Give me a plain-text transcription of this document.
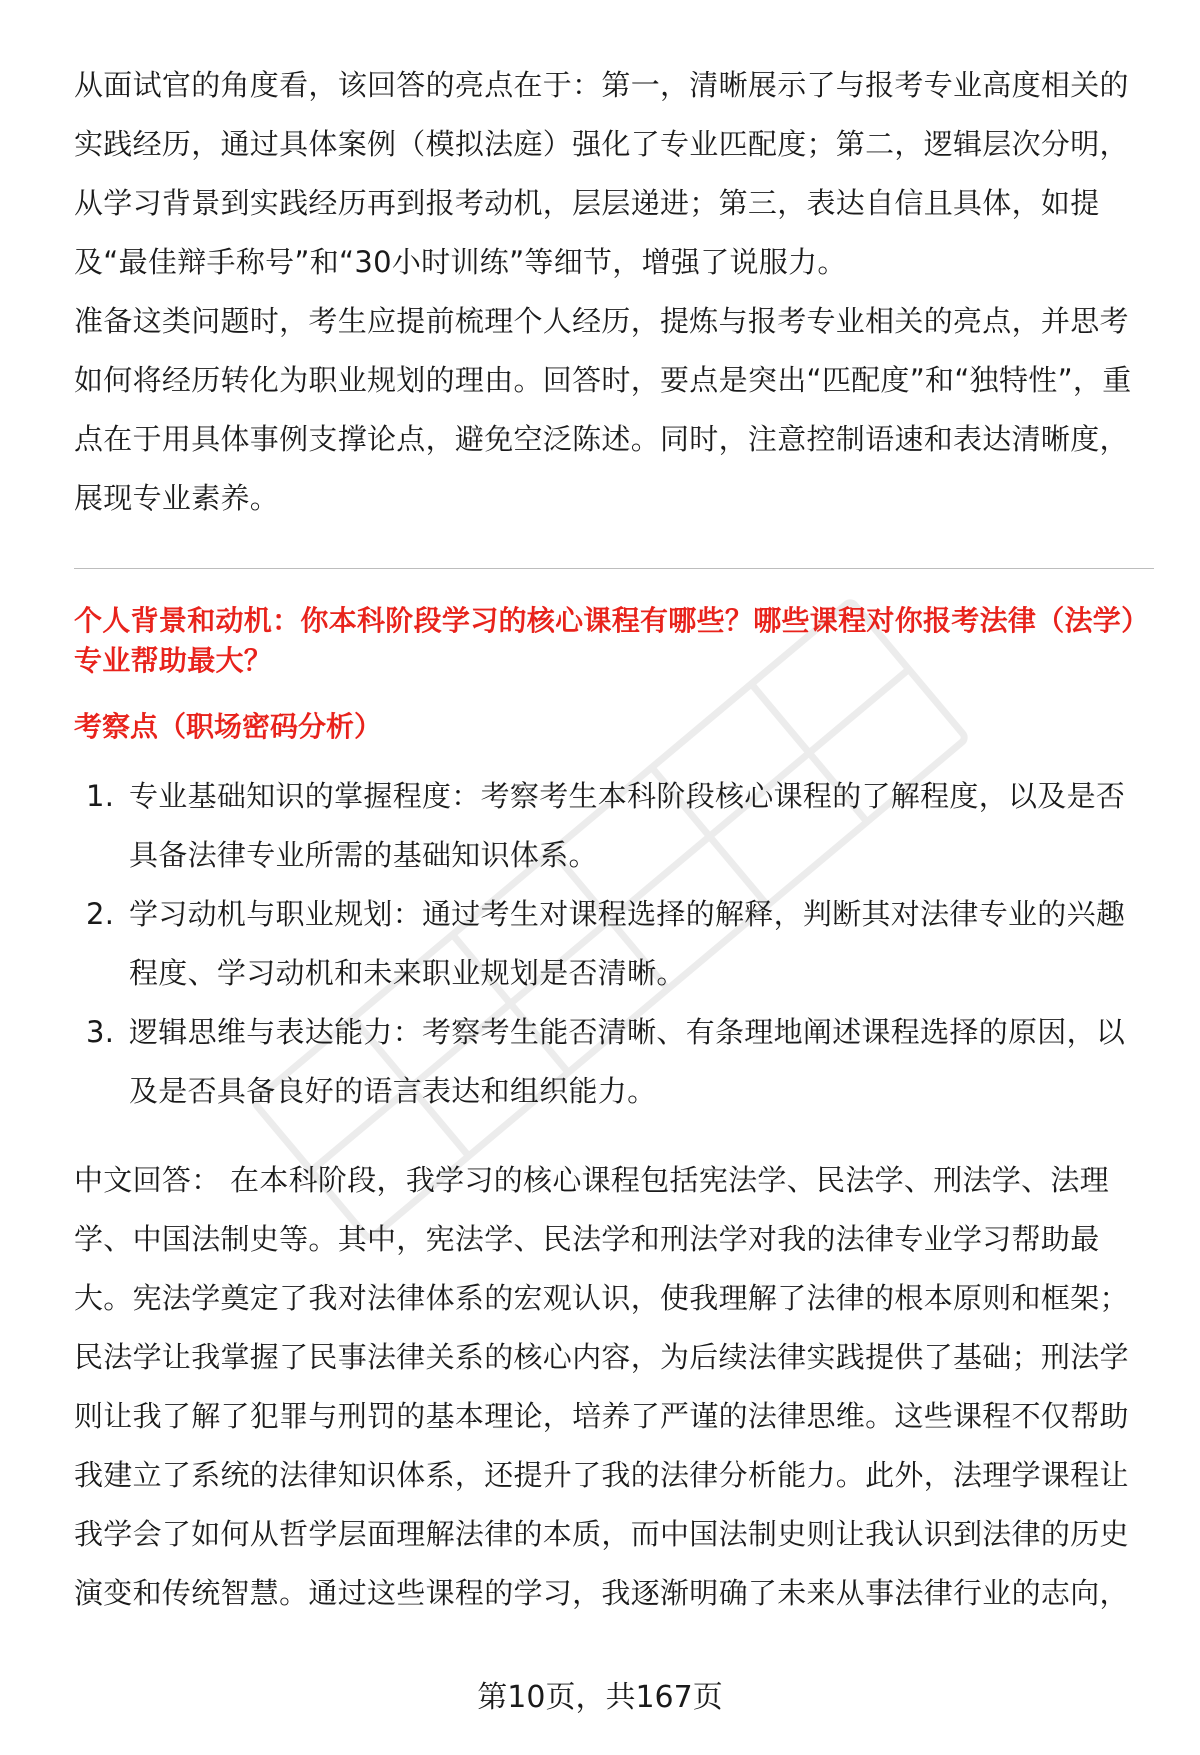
从面试官的角度看，该回答的亮点在于：第一，清晰展示了与报考专业高度相关的实践经历，通过具体案例（模拟法庭）强化了专业匹配度；第二，逻辑层次分明，从学习背景到实践经历再到报考动机，层层递进；第三，表达自信且具体，如提及“最佳辩手称号”和“30小时训练”等细节，增强了说服力。

准备这类问题时，考生应提前梳理个人经历，提炼与报考专业相关的亮点，并思考如何将经历转化为职业规划的理由。回答时，要点是突出“匹配度”和“独特性”，重点在于用具体事例支撑论点，避免空泛陈述。同时，注意控制语速和表达清晰度，展现专业素养。

个人背景和动机：你本科阶段学习的核心课程有哪些？哪些课程对你报考法律（法学）专业帮助最大？

考察点（职场密码分析）

1. 专业基础知识的掌握程度：考察考生本科阶段核心课程的了解程度，以及是否具备法律专业所需的基础知识体系。
2. 学习动机与职业规划：通过考生对课程选择的解释，判断其对法律专业的兴趣程度、学习动机和未来职业规划是否清晰。
3. 逻辑思维与表达能力：考察考生能否清晰、有条理地阐述课程选择的原因，以及是否具备良好的语言表达和组织能力。

中文回答： 在本科阶段，我学习的核心课程包括宪法学、民法学、刑法学、法理学、中国法制史等。其中，宪法学、民法学和刑法学对我的法律专业学习帮助最大。宪法学奠定了我对法律体系的宏观认识，使我理解了法律的根本原则和框架；民法学让我掌握了民事法律关系的核心内容，为后续法律实践提供了基础；刑法学则让我了解了犯罪与刑罚的基本理论，培养了严谨的法律思维。这些课程不仅帮助我建立了系统的法律知识体系，还提升了我的法律分析能力。此外，法理学课程让我学会了如何从哲学层面理解法律的本质，而中国法制史则让我认识到法律的历史演变和传统智慧。通过这些课程的学习，我逐渐明确了未来从事法律行业的志向，

第10页，共167页
